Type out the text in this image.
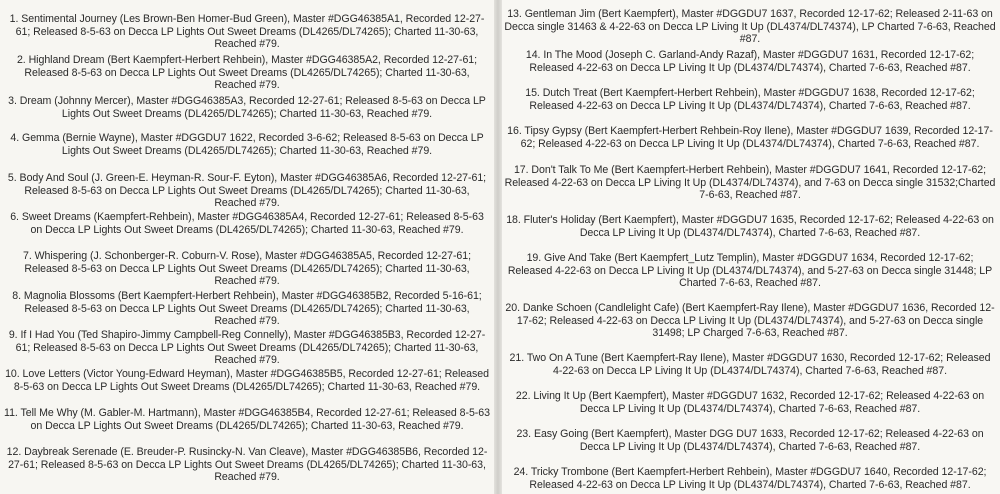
1. Sentimental Journey (Les Brown-Ben Homer-Bud Green), Master #DGG46385A1, Recorded 12-27-61; Released 8-5-63 on Decca LP Lights Out Sweet Dreams (DL4265/DL74265); Charted 11-30-63, Reached #79.
2. Highland Dream (Bert Kaempfert-Herbert Rehbein), Master #DGG46385A2, Recorded 12-27-61; Released 8-5-63 on Decca LP Lights Out Sweet Dreams (DL4265/DL74265); Charted 11-30-63, Reached #79.
3. Dream (Johnny Mercer), Master #DGG46385A3, Recorded 12-27-61; Released 8-5-63 on Decca LP Lights Out Sweet Dreams (DL4265/DL74265); Charted 11-30-63, Reached #79.
4. Gemma (Bernie Wayne), Master #DGGDU7 1622, Recorded 3-6-62; Released 8-5-63 on Decca LP Lights Out Sweet Dreams (DL4265/DL74265); Charted 11-30-63, Reached #79.
5. Body And Soul (J. Green-E. Heyman-R. Sour-F. Eyton), Master #DGG46385A6, Recorded 12-27-61; Released 8-5-63 on Decca LP Lights Out Sweet Dreams (DL4265/DL74265); Charted 11-30-63, Reached #79.
6. Sweet Dreams (Kaempfert-Rehbein), Master #DGG46385A4, Recorded 12-27-61; Released 8-5-63 on Decca LP Lights Out Sweet Dreams (DL4265/DL74265); Charted 11-30-63, Reached #79.
7. Whispering (J. Schonberger-R. Coburn-V. Rose), Master #DGG46385A5, Recorded 12-27-61; Released 8-5-63 on Decca LP Lights Out Sweet Dreams (DL4265/DL74265); Charted 11-30-63, Reached #79.
8. Magnolia Blossoms (Bert Kaempfert-Herbert Rehbein), Master #DGG46385B2, Recorded 5-16-61; Released 8-5-63 on Decca LP Lights Out Sweet Dreams (DL4265/DL74265); Charted 11-30-63, Reached #79.
9. If I Had You (Ted Shapiro-Jimmy Campbell-Reg Connelly), Master #DGG46385B3, Recorded 12-27-61; Released 8-5-63 on Decca LP Lights Out Sweet Dreams (DL4265/DL74265); Charted 11-30-63, Reached #79.
10. Love Letters (Victor Young-Edward Heyman), Master #DGG46385B5, Recorded 12-27-61; Released 8-5-63 on Decca LP Lights Out Sweet Dreams (DL4265/DL74265); Charted 11-30-63, Reached #79.
11. Tell Me Why (M. Gabler-M. Hartmann), Master #DGG46385B4, Recorded 12-27-61; Released 8-5-63 on Decca LP Lights Out Sweet Dreams (DL4265/DL74265); Charted 11-30-63, Reached #79.
12. Daybreak Serenade (E. Breuder-P. Rusincky-N. Van Cleave), Master #DGG46385B6, Recorded 12-27-61; Released 8-5-63 on Decca LP Lights Out Sweet Dreams (DL4265/DL74265); Charted 11-30-63, Reached #79.
13. Gentleman Jim (Bert Kaempfert), Master #DGGDU7 1637, Recorded 12-17-62; Released 2-11-63 on Decca single 31463 & 4-22-63 on Decca LP Living It Up (DL4374/DL74374), LP Charted 7-6-63, Reached #87.
14. In The Mood (Joseph C. Garland-Andy Razaf), Master #DGGDU7 1631, Recorded 12-17-62; Released 4-22-63 on Decca LP Living It Up (DL4374/DL74374), Charted 7-6-63, Reached #87.
15. Dutch Treat (Bert Kaempfert-Herbert Rehbein), Master #DGGDU7 1638, Recorded 12-17-62; Released 4-22-63 on Decca LP Living It Up (DL4374/DL74374), Charted 7-6-63, Reached #87.
16. Tipsy Gypsy (Bert Kaempfert-Herbert Rehbein-Roy Ilene), Master #DGGDU7 1639, Recorded 12-17-62; Released 4-22-63 on Decca LP Living It Up (DL4374/DL74374), Charted 7-6-63, Reached #87.
17. Don't Talk To Me (Bert Kaempfert-Herbert Rehbein), Master #DGGDU7 1641, Recorded 12-17-62; Released 4-22-63 on Decca LP Living It Up (DL4374/DL74374), and 7-63 on Decca single 31532;Charted 7-6-63, Reached #87.
18. Fluter's Holiday (Bert Kaempfert), Master #DGGDU7 1635, Recorded 12-17-62; Released 4-22-63 on Decca LP Living It Up (DL4374/DL74374), Charted 7-6-63, Reached #87.
19. Give And Take (Bert Kaempfert_Lutz Templin), Master #DGGDU7 1634, Recorded 12-17-62; Released 4-22-63 on Decca LP Living It Up (DL4374/DL74374), and 5-27-63 on Decca single 31448; LP Charted 7-6-63, Reached #87.
20. Danke Schoen (Candlelight Cafe) (Bert Kaempfert-Ray Ilene), Master #DGGDU7 1636, Recorded 12-17-62; Released 4-22-63 on Decca LP Living It Up (DL4374/DL74374), and 5-27-63 on Decca single 31498; LP Charged 7-6-63, Reached #87.
21. Two On A Tune (Bert Kaempfert-Ray Ilene), Master #DGGDU7 1630, Recorded 12-17-62; Released 4-22-63 on Decca LP Living It Up (DL4374/DL74374), Charted 7-6-63, Reached #87.
22. Living It Up (Bert Kaempfert), Master #DGGDU7 1632, Recorded 12-17-62; Released 4-22-63 on Decca LP Living It Up (DL4374/DL74374), Charted 7-6-63, Reached #87.
23. Easy Going (Bert Kaempfert), Master DGG DU7 1633, Recorded 12-17-62; Released 4-22-63 on Decca LP Living It Up (DL4374/DL74374), Charted 7-6-63, Reached #87.
24. Tricky Trombone (Bert Kaempfert-Herbert Rehbein), Master #DGGDU7 1640, Recorded 12-17-62; Released 4-22-63 on Decca LP Living It Up (DL4374/DL74374), Charted 7-6-63, Reached #87.
